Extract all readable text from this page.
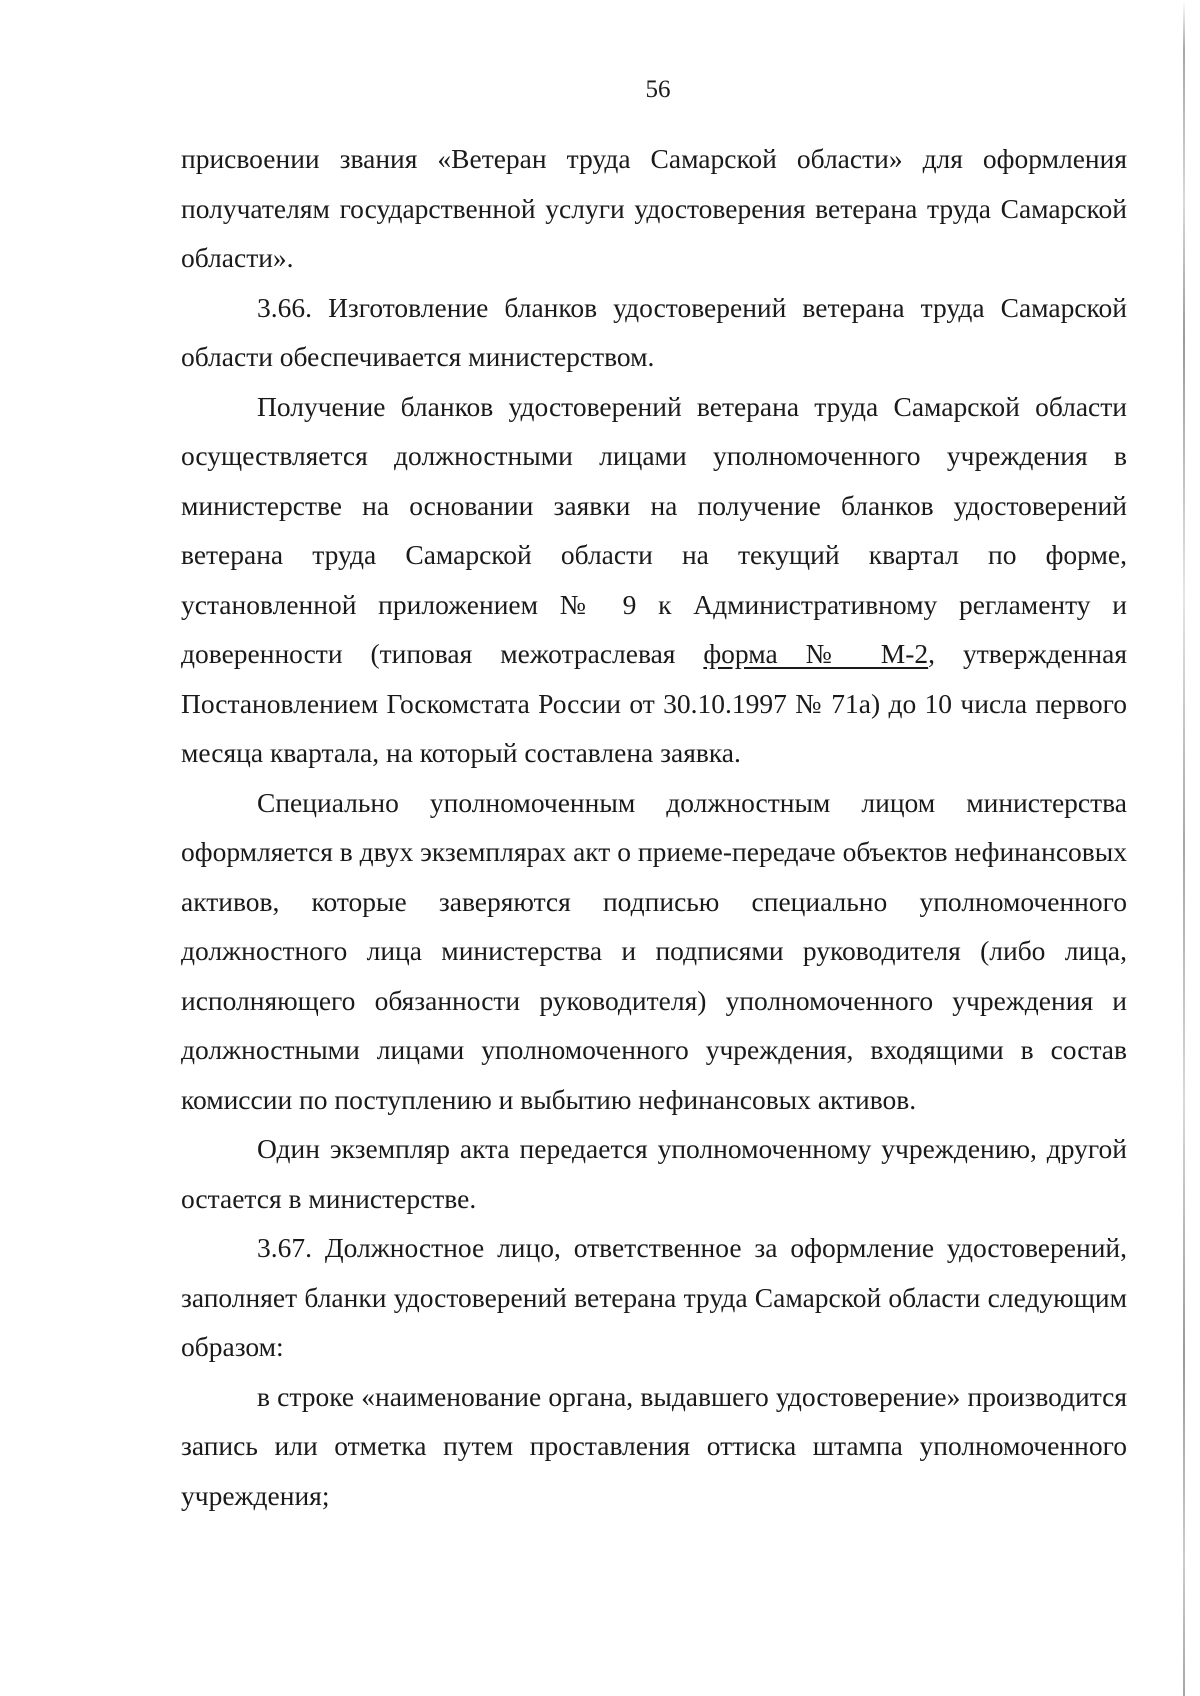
56

присвоении звания «Ветеран труда Самарской области» для оформления получателям государственной услуги удостоверения ветерана труда Самарской области».

3.66. Изготовление бланков удостоверений ветерана труда Самарской области обеспечивается министерством.

Получение бланков удостоверений ветерана труда Самарской области осуществляется должностными лицами уполномоченного учреждения в министерстве на основании заявки на получение бланков удостоверений ветерана труда Самарской области на текущий квартал по форме, установленной приложением № 9 к Административному регламенту и доверенности (типовая межотраслевая форма № М-2, утвержденная Постановлением Госкомстата России от 30.10.1997 № 71а) до 10 числа первого месяца квартала, на который составлена заявка.

Специально уполномоченным должностным лицом министерства оформляется в двух экземплярах акт о приеме-передаче объектов нефинансовых активов, которые заверяются подписью специально уполномоченного должностного лица министерства и подписями руководителя (либо лица, исполняющего обязанности руководителя) уполномоченного учреждения и должностными лицами уполномоченного учреждения, входящими в состав комиссии по поступлению и выбытию нефинансовых активов.

Один экземпляр акта передается уполномоченному учреждению, другой остается в министерстве.

3.67. Должностное лицо, ответственное за оформление удостоверений, заполняет бланки удостоверений ветерана труда Самарской области следующим образом:

в строке «наименование органа, выдавшего удостоверение» производится запись или отметка путем проставления оттиска штампа уполномоченного учреждения;
